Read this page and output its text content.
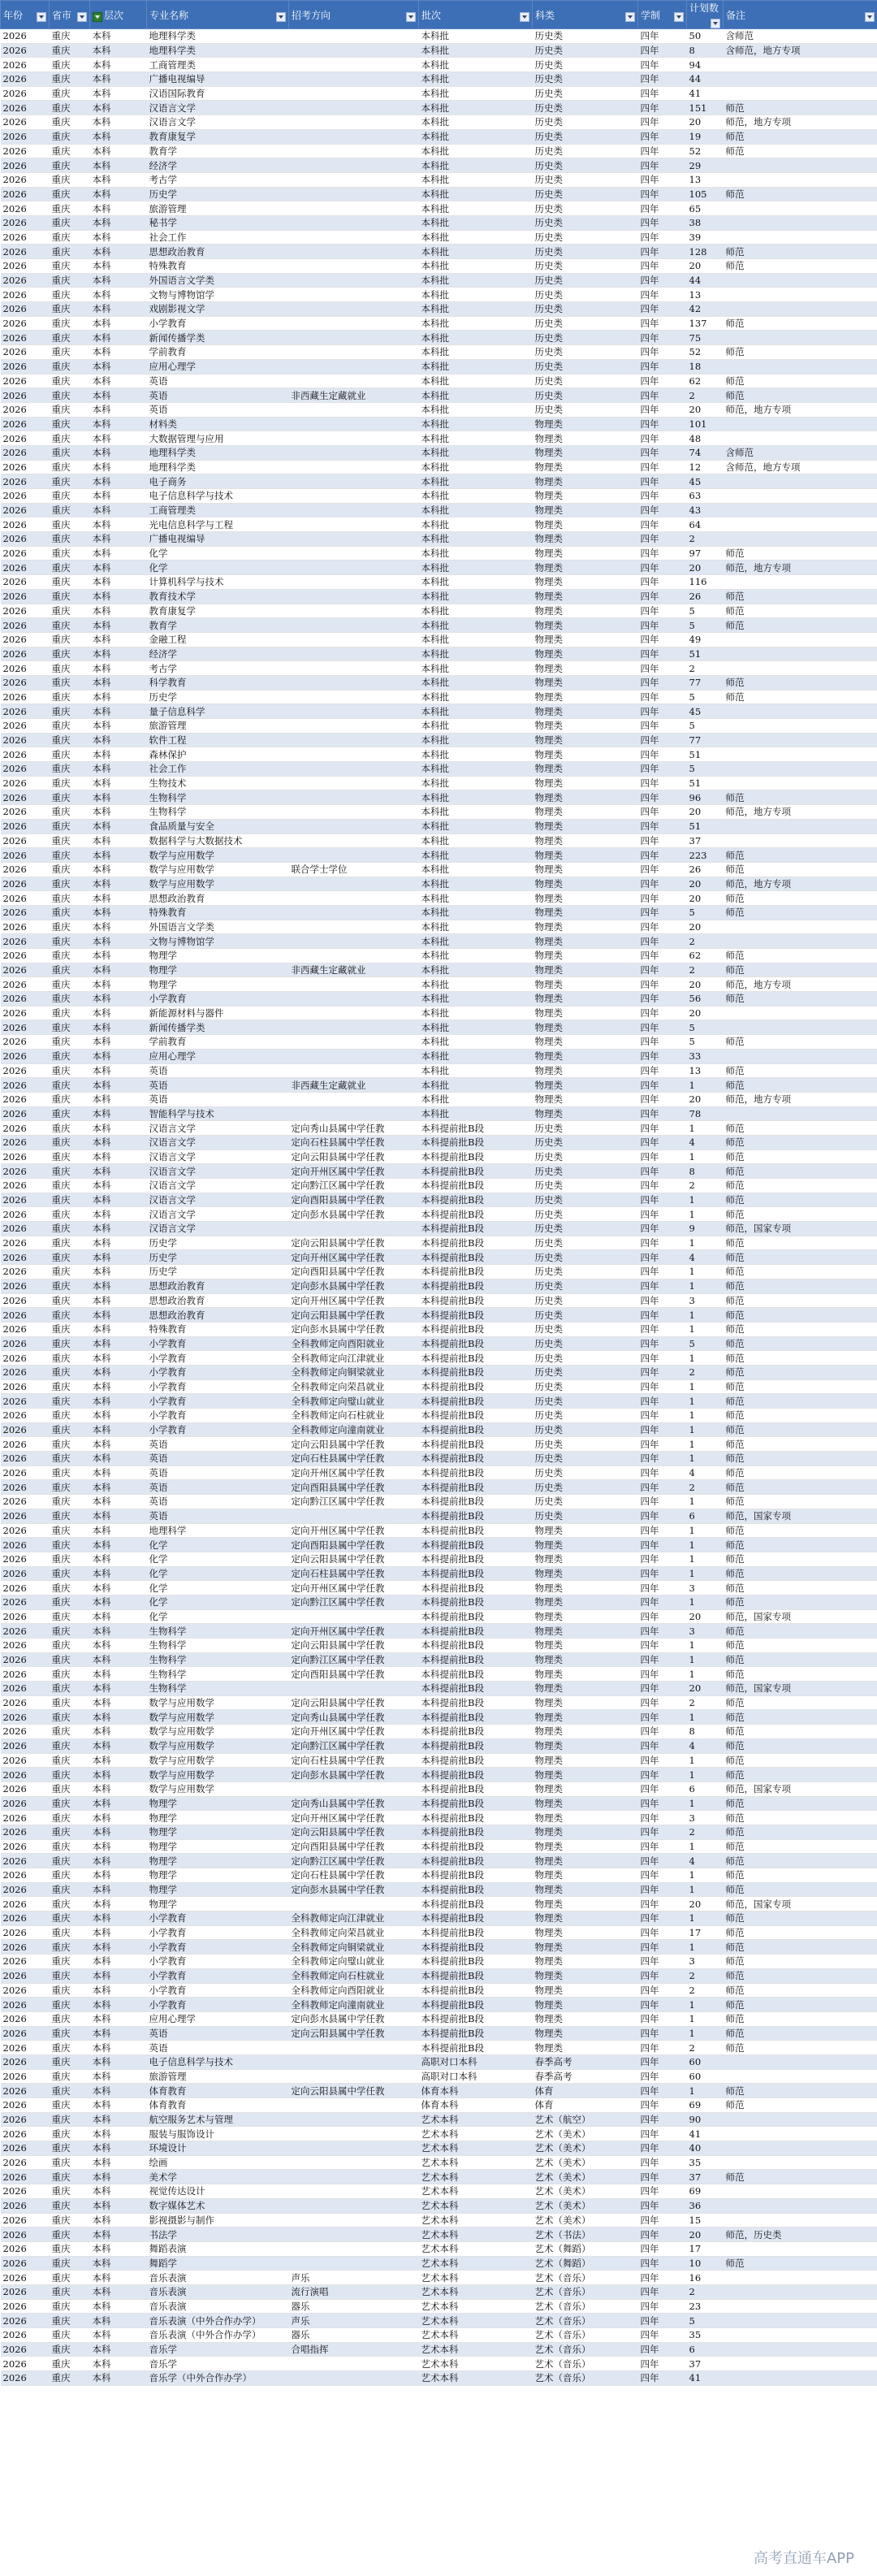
年份	省市	层次	专业名称	招考方向	批次	科类	学制	计划数	备注

2026	重庆	本科	地理科学类		本科批	历史类	四年	50	含师范
2026	重庆	本科	地理科学类		本科批	历史类	四年	8	含师范，地方专项
2026	重庆	本科	工商管理类		本科批	历史类	四年	94	
2026	重庆	本科	广播电视编导		本科批	历史类	四年	44	
2026	重庆	本科	汉语国际教育		本科批	历史类	四年	41	
2026	重庆	本科	汉语言文学		本科批	历史类	四年	151	师范
2026	重庆	本科	汉语言文学		本科批	历史类	四年	20	师范，地方专项
2026	重庆	本科	教育康复学		本科批	历史类	四年	19	师范
2026	重庆	本科	教育学		本科批	历史类	四年	52	师范
2026	重庆	本科	经济学		本科批	历史类	四年	29	
2026	重庆	本科	考古学		本科批	历史类	四年	13	
2026	重庆	本科	历史学		本科批	历史类	四年	105	师范
2026	重庆	本科	旅游管理		本科批	历史类	四年	65	
2026	重庆	本科	秘书学		本科批	历史类	四年	38	
2026	重庆	本科	社会工作		本科批	历史类	四年	39	
2026	重庆	本科	思想政治教育		本科批	历史类	四年	128	师范
2026	重庆	本科	特殊教育		本科批	历史类	四年	20	师范
2026	重庆	本科	外国语言文学类		本科批	历史类	四年	44	
2026	重庆	本科	文物与博物馆学		本科批	历史类	四年	13	
2026	重庆	本科	戏剧影视文学		本科批	历史类	四年	42	
2026	重庆	本科	小学教育		本科批	历史类	四年	137	师范
2026	重庆	本科	新闻传播学类		本科批	历史类	四年	75	
2026	重庆	本科	学前教育		本科批	历史类	四年	52	师范
2026	重庆	本科	应用心理学		本科批	历史类	四年	18	
2026	重庆	本科	英语		本科批	历史类	四年	62	师范
2026	重庆	本科	英语	非西藏生定藏就业	本科批	历史类	四年	2	师范
2026	重庆	本科	英语		本科批	历史类	四年	20	师范，地方专项
2026	重庆	本科	材料类		本科批	物理类	四年	101	
2026	重庆	本科	大数据管理与应用		本科批	物理类	四年	48	
2026	重庆	本科	地理科学类		本科批	物理类	四年	74	含师范
2026	重庆	本科	地理科学类		本科批	物理类	四年	12	含师范，地方专项
2026	重庆	本科	电子商务		本科批	物理类	四年	45	
2026	重庆	本科	电子信息科学与技术		本科批	物理类	四年	63	
2026	重庆	本科	工商管理类		本科批	物理类	四年	43	
2026	重庆	本科	光电信息科学与工程		本科批	物理类	四年	64	
2026	重庆	本科	广播电视编导		本科批	物理类	四年	2	
2026	重庆	本科	化学		本科批	物理类	四年	97	师范
2026	重庆	本科	化学		本科批	物理类	四年	20	师范，地方专项
2026	重庆	本科	计算机科学与技术		本科批	物理类	四年	116	
2026	重庆	本科	教育技术学		本科批	物理类	四年	26	师范
2026	重庆	本科	教育康复学		本科批	物理类	四年	5	师范
2026	重庆	本科	教育学		本科批	物理类	四年	5	师范
2026	重庆	本科	金融工程		本科批	物理类	四年	49	
2026	重庆	本科	经济学		本科批	物理类	四年	51	
2026	重庆	本科	考古学		本科批	物理类	四年	2	
2026	重庆	本科	科学教育		本科批	物理类	四年	77	师范
2026	重庆	本科	历史学		本科批	物理类	四年	5	师范
2026	重庆	本科	量子信息科学		本科批	物理类	四年	45	
2026	重庆	本科	旅游管理		本科批	物理类	四年	5	
2026	重庆	本科	软件工程		本科批	物理类	四年	77	
2026	重庆	本科	森林保护		本科批	物理类	四年	51	
2026	重庆	本科	社会工作		本科批	物理类	四年	5	
2026	重庆	本科	生物技术		本科批	物理类	四年	51	
2026	重庆	本科	生物科学		本科批	物理类	四年	96	师范
2026	重庆	本科	生物科学		本科批	物理类	四年	20	师范，地方专项
2026	重庆	本科	食品质量与安全		本科批	物理类	四年	51	
2026	重庆	本科	数据科学与大数据技术		本科批	物理类	四年	37	
2026	重庆	本科	数学与应用数学		本科批	物理类	四年	223	师范
2026	重庆	本科	数学与应用数学	联合学士学位	本科批	物理类	四年	26	师范
2026	重庆	本科	数学与应用数学		本科批	物理类	四年	20	师范，地方专项
2026	重庆	本科	思想政治教育		本科批	物理类	四年	20	师范
2026	重庆	本科	特殊教育		本科批	物理类	四年	5	师范
2026	重庆	本科	外国语言文学类		本科批	物理类	四年	20	
2026	重庆	本科	文物与博物馆学		本科批	物理类	四年	2	
2026	重庆	本科	物理学		本科批	物理类	四年	62	师范
2026	重庆	本科	物理学	非西藏生定藏就业	本科批	物理类	四年	2	师范
2026	重庆	本科	物理学		本科批	物理类	四年	20	师范，地方专项
2026	重庆	本科	小学教育		本科批	物理类	四年	56	师范
2026	重庆	本科	新能源材料与器件		本科批	物理类	四年	20	
2026	重庆	本科	新闻传播学类		本科批	物理类	四年	5	
2026	重庆	本科	学前教育		本科批	物理类	四年	5	师范
2026	重庆	本科	应用心理学		本科批	物理类	四年	33	
2026	重庆	本科	英语		本科批	物理类	四年	13	师范
2026	重庆	本科	英语	非西藏生定藏就业	本科批	物理类	四年	1	师范
2026	重庆	本科	英语		本科批	物理类	四年	20	师范，地方专项
2026	重庆	本科	智能科学与技术		本科批	物理类	四年	78	
2026	重庆	本科	汉语言文学	定向秀山县属中学任教	本科提前批B段	历史类	四年	1	师范
2026	重庆	本科	汉语言文学	定向石柱县属中学任教	本科提前批B段	历史类	四年	4	师范
2026	重庆	本科	汉语言文学	定向云阳县属中学任教	本科提前批B段	历史类	四年	1	师范
2026	重庆	本科	汉语言文学	定向开州区属中学任教	本科提前批B段	历史类	四年	8	师范
2026	重庆	本科	汉语言文学	定向黔江区属中学任教	本科提前批B段	历史类	四年	2	师范
2026	重庆	本科	汉语言文学	定向酉阳县属中学任教	本科提前批B段	历史类	四年	1	师范
2026	重庆	本科	汉语言文学	定向彭水县属中学任教	本科提前批B段	历史类	四年	1	师范
2026	重庆	本科	汉语言文学		本科提前批B段	历史类	四年	9	师范，国家专项
2026	重庆	本科	历史学	定向云阳县属中学任教	本科提前批B段	历史类	四年	1	师范
2026	重庆	本科	历史学	定向开州区属中学任教	本科提前批B段	历史类	四年	4	师范
2026	重庆	本科	历史学	定向酉阳县属中学任教	本科提前批B段	历史类	四年	1	师范
2026	重庆	本科	思想政治教育	定向彭水县属中学任教	本科提前批B段	历史类	四年	1	师范
2026	重庆	本科	思想政治教育	定向开州区属中学任教	本科提前批B段	历史类	四年	3	师范
2026	重庆	本科	思想政治教育	定向云阳县属中学任教	本科提前批B段	历史类	四年	1	师范
2026	重庆	本科	特殊教育	定向彭水县属中学任教	本科提前批B段	历史类	四年	1	师范
2026	重庆	本科	小学教育	全科教师定向酉阳就业	本科提前批B段	历史类	四年	5	师范
2026	重庆	本科	小学教育	全科教师定向江津就业	本科提前批B段	历史类	四年	1	师范
2026	重庆	本科	小学教育	全科教师定向铜梁就业	本科提前批B段	历史类	四年	2	师范
2026	重庆	本科	小学教育	全科教师定向荣昌就业	本科提前批B段	历史类	四年	1	师范
2026	重庆	本科	小学教育	全科教师定向璧山就业	本科提前批B段	历史类	四年	1	师范
2026	重庆	本科	小学教育	全科教师定向石柱就业	本科提前批B段	历史类	四年	1	师范
2026	重庆	本科	小学教育	全科教师定向潼南就业	本科提前批B段	历史类	四年	1	师范
2026	重庆	本科	英语	定向云阳县属中学任教	本科提前批B段	历史类	四年	1	师范
2026	重庆	本科	英语	定向石柱县属中学任教	本科提前批B段	历史类	四年	1	师范
2026	重庆	本科	英语	定向开州区属中学任教	本科提前批B段	历史类	四年	4	师范
2026	重庆	本科	英语	定向酉阳县属中学任教	本科提前批B段	历史类	四年	2	师范
2026	重庆	本科	英语	定向黔江区属中学任教	本科提前批B段	历史类	四年	1	师范
2026	重庆	本科	英语		本科提前批B段	历史类	四年	6	师范，国家专项
2026	重庆	本科	地理科学	定向开州区属中学任教	本科提前批B段	物理类	四年	1	师范
2026	重庆	本科	化学	定向酉阳县属中学任教	本科提前批B段	物理类	四年	1	师范
2026	重庆	本科	化学	定向云阳县属中学任教	本科提前批B段	物理类	四年	1	师范
2026	重庆	本科	化学	定向石柱县属中学任教	本科提前批B段	物理类	四年	1	师范
2026	重庆	本科	化学	定向开州区属中学任教	本科提前批B段	物理类	四年	3	师范
2026	重庆	本科	化学	定向黔江区属中学任教	本科提前批B段	物理类	四年	1	师范
2026	重庆	本科	化学		本科提前批B段	物理类	四年	20	师范，国家专项
2026	重庆	本科	生物科学	定向开州区属中学任教	本科提前批B段	物理类	四年	3	师范
2026	重庆	本科	生物科学	定向云阳县属中学任教	本科提前批B段	物理类	四年	1	师范
2026	重庆	本科	生物科学	定向黔江区属中学任教	本科提前批B段	物理类	四年	1	师范
2026	重庆	本科	生物科学	定向酉阳县属中学任教	本科提前批B段	物理类	四年	1	师范
2026	重庆	本科	生物科学		本科提前批B段	物理类	四年	20	师范，国家专项
2026	重庆	本科	数学与应用数学	定向云阳县属中学任教	本科提前批B段	物理类	四年	2	师范
2026	重庆	本科	数学与应用数学	定向秀山县属中学任教	本科提前批B段	物理类	四年	1	师范
2026	重庆	本科	数学与应用数学	定向开州区属中学任教	本科提前批B段	物理类	四年	8	师范
2026	重庆	本科	数学与应用数学	定向黔江区属中学任教	本科提前批B段	物理类	四年	4	师范
2026	重庆	本科	数学与应用数学	定向石柱县属中学任教	本科提前批B段	物理类	四年	1	师范
2026	重庆	本科	数学与应用数学	定向彭水县属中学任教	本科提前批B段	物理类	四年	1	师范
2026	重庆	本科	数学与应用数学		本科提前批B段	物理类	四年	6	师范，国家专项
2026	重庆	本科	物理学	定向秀山县属中学任教	本科提前批B段	物理类	四年	1	师范
2026	重庆	本科	物理学	定向开州区属中学任教	本科提前批B段	物理类	四年	3	师范
2026	重庆	本科	物理学	定向云阳县属中学任教	本科提前批B段	物理类	四年	2	师范
2026	重庆	本科	物理学	定向酉阳县属中学任教	本科提前批B段	物理类	四年	1	师范
2026	重庆	本科	物理学	定向黔江区属中学任教	本科提前批B段	物理类	四年	4	师范
2026	重庆	本科	物理学	定向石柱县属中学任教	本科提前批B段	物理类	四年	1	师范
2026	重庆	本科	物理学	定向彭水县属中学任教	本科提前批B段	物理类	四年	1	师范
2026	重庆	本科	物理学		本科提前批B段	物理类	四年	20	师范，国家专项
2026	重庆	本科	小学教育	全科教师定向江津就业	本科提前批B段	物理类	四年	1	师范
2026	重庆	本科	小学教育	全科教师定向荣昌就业	本科提前批B段	物理类	四年	17	师范
2026	重庆	本科	小学教育	全科教师定向铜梁就业	本科提前批B段	物理类	四年	1	师范
2026	重庆	本科	小学教育	全科教师定向璧山就业	本科提前批B段	物理类	四年	3	师范
2026	重庆	本科	小学教育	全科教师定向石柱就业	本科提前批B段	物理类	四年	2	师范
2026	重庆	本科	小学教育	全科教师定向酉阳就业	本科提前批B段	物理类	四年	2	师范
2026	重庆	本科	小学教育	全科教师定向潼南就业	本科提前批B段	物理类	四年	1	师范
2026	重庆	本科	应用心理学	定向彭水县属中学任教	本科提前批B段	物理类	四年	1	师范
2026	重庆	本科	英语	定向云阳县属中学任教	本科提前批B段	物理类	四年	1	师范
2026	重庆	本科	英语		本科提前批B段	物理类	四年	2	师范
2026	重庆	本科	电子信息科学与技术		高职对口本科	春季高考	四年	60	
2026	重庆	本科	旅游管理		高职对口本科	春季高考	四年	60	
2026	重庆	本科	体育教育	定向云阳县属中学任教	体育本科	体育	四年	1	师范
2026	重庆	本科	体育教育		体育本科	体育	四年	69	师范
2026	重庆	本科	航空服务艺术与管理		艺术本科	艺术（航空）	四年	90	
2026	重庆	本科	服装与服饰设计		艺术本科	艺术（美术）	四年	41	
2026	重庆	本科	环境设计		艺术本科	艺术（美术）	四年	40	
2026	重庆	本科	绘画		艺术本科	艺术（美术）	四年	35	
2026	重庆	本科	美术学		艺术本科	艺术（美术）	四年	37	师范
2026	重庆	本科	视觉传达设计		艺术本科	艺术（美术）	四年	69	
2026	重庆	本科	数字媒体艺术		艺术本科	艺术（美术）	四年	36	
2026	重庆	本科	影视摄影与制作		艺术本科	艺术（美术）	四年	15	
2026	重庆	本科	书法学		艺术本科	艺术（书法）	四年	20	师范，历史类
2026	重庆	本科	舞蹈表演		艺术本科	艺术（舞蹈）	四年	17	
2026	重庆	本科	舞蹈学		艺术本科	艺术（舞蹈）	四年	10	师范
2026	重庆	本科	音乐表演	声乐	艺术本科	艺术（音乐）	四年	16	
2026	重庆	本科	音乐表演	流行演唱	艺术本科	艺术（音乐）	四年	2	
2026	重庆	本科	音乐表演	器乐	艺术本科	艺术（音乐）	四年	23	
2026	重庆	本科	音乐表演（中外合作办学）	声乐	艺术本科	艺术（音乐）	四年	5	
2026	重庆	本科	音乐表演（中外合作办学）	器乐	艺术本科	艺术（音乐）	四年	35	
2026	重庆	本科	音乐学	合唱指挥	艺术本科	艺术（音乐）	四年	6	
2026	重庆	本科	音乐学		艺术本科	艺术（音乐）	四年	37	
2026	重庆	本科	音乐学（中外合作办学）		艺术本科	艺术（音乐）	四年	41	
高考直通车APP
